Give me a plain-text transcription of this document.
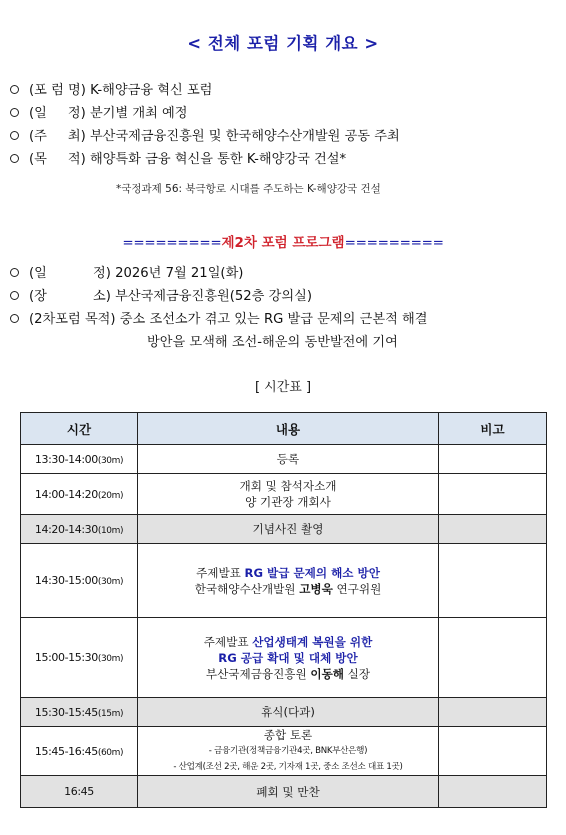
< 전체 포럼 기획 개요 >
(포 럼 명)
K-해양금융 혁신 포럼
(일     정)
분기별 개최 예정
(주     최)
부산국제금융진흥원 및 한국해양수산개발원 공동 주최
(목     적)
해양특화 금융 혁신을 통한 K-해양강국 건설*
*국정과제 56: 북극항로 시대를 주도하는 K-해양강국 건설
=========제2차 포럼 프로그램=========
(일           정)
2026년 7월 21일(화)
(장           소)
부산국제금융진흥원(52층 강의실)
(2차포럼 목적)
중소 조선소가 겪고 있는 RG 발급 문제의 근본적 해결
방안을 모색해 조선-해운의 동반발전에 기여
[ 시간표 ]
시간	내용	비고
13:30-14:00(30m)	등록	
14:00-14:20(20m)	개회 및 참석자소개
양 기관장 개회사	

14:20-14:30(10m)	기념사진 촬영	
14:30-15:00(30m)	주제발표 RG 발급 문제의 해소 방안
한국해양수산개발원 고병욱 연구위원	

15:00-15:30(30m)	주제발표 산업생태계 복원을 위한
RG 공급 확대 및 대체 방안
부산국제금융진흥원 이동해 실장	

15:30-15:45(15m)	휴식(다과)	
15:45-16:45(60m)	종합 토론
- 금융기관(정책금융기관4곳, BNK부산은행)
- 산업계(조선 2곳, 해운 2곳, 기자재 1곳, 중소 조선소 대표 1곳)	

16:45	폐회 및 만찬	
